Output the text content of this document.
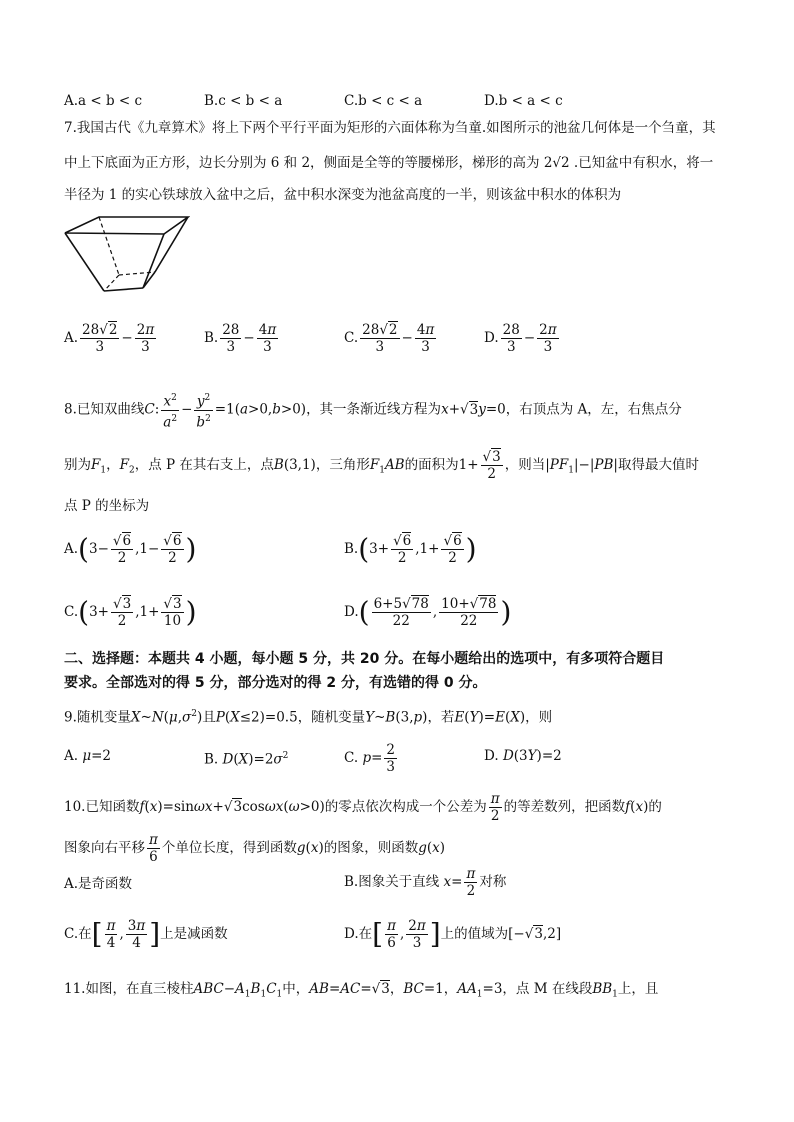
A.a < b < c	B.c < b < a	C.b < c < a	D.b < a < c
7.我国古代《九章算术》将上下两个平行平面为矩形的六面体称为刍童.如图所示的池盆几何体是一个刍童，其
中上下底面为正方形，边长分别为 6 和 2，侧面是全等的等腰梯形，梯形的高为 2√2 .已知盆中有积水，将一
半径为 1 的实心铁球放入盆中之后，盆中积水深变为池盆高度的一半，则该盆中积水的体积为
A. $\frac{28√2}{3} - \frac{2\pi}{3}$	B. $\frac{28}{3} - \frac{4\pi}{3}$	C. $\frac{28√2}{3} - \frac{4\pi}{3}$	D. $\frac{28}{3} - \frac{2\pi}{3}$
8.已知双曲线C: $\frac{x^2}{a^2} - \frac{y^2}{b^2} =1(a>0,b>0)$，其一条渐近线方程为x+√3y=0，右顶点为 A，左，右焦点分
别为$F_1$，$F_2$，点 P 在其右支上，点B(3,1)，三角形$F_1AB$的面积为$1+ \frac{√3}{2}$ ，则当$|PF_1|-|PB|$取得最大值时
点 P 的坐标为
$A.(3- \frac{√6}{2} ,1- \frac{√6}{2}$ )	$B.(3+ \frac{√6}{2} ,1+ \frac{√6}{2}$ )
$C.(3+ \frac{√3}{2} ,1+ \frac{√3}{10}$ )	$D.( \frac{6+5√78}{22}$ , $\frac{10+√78}{22}$ )
二、选择题：本题共 4 小题，每小题 5 分，共 20 分。在每小题给出的选项中，有多项符合题目
要求。全部选对的得 5 分，部分选对的得 2 分，有选错的得 0 分。
9.随机变量$X\sim N(\mu,\sigma^2)$且P(X≤2)=0.5，随机变量Y~B(3,p)，若E(Y)=E(X)，则
A. μ=2	B. $D(X)=2\sigma^2$	C. $p= \frac{2}{3}$	D. D(3Y)=2
10.已知函数f(x)=sinωx+√3cosωx(ω>0)的零点依次构成一个公差为 $\frac{\pi}{2}$ 的等差数列，把函数f(x)的
图象向右平移 $\frac{\pi}{6}$ 个单位长度，得到函数g(x)的图象，则函数g(x)
A.是奇函数	B.图象关于直线 $x= \frac{\pi}{2}$ 对称
C.在[ $\frac{\pi}{4}$ , $\frac{3\pi}{4}$ ]上是减函数	D.在[ $\frac{\pi}{6}$ , $\frac{2\pi}{3}$ ]上的值域为[−√3,2]
11.如图，在直三棱柱$ABC-A_1B_1C_1$中，AB=AC=√3，BC=1，$AA_1=3$，点 M 在线段$BB_1$上，且
